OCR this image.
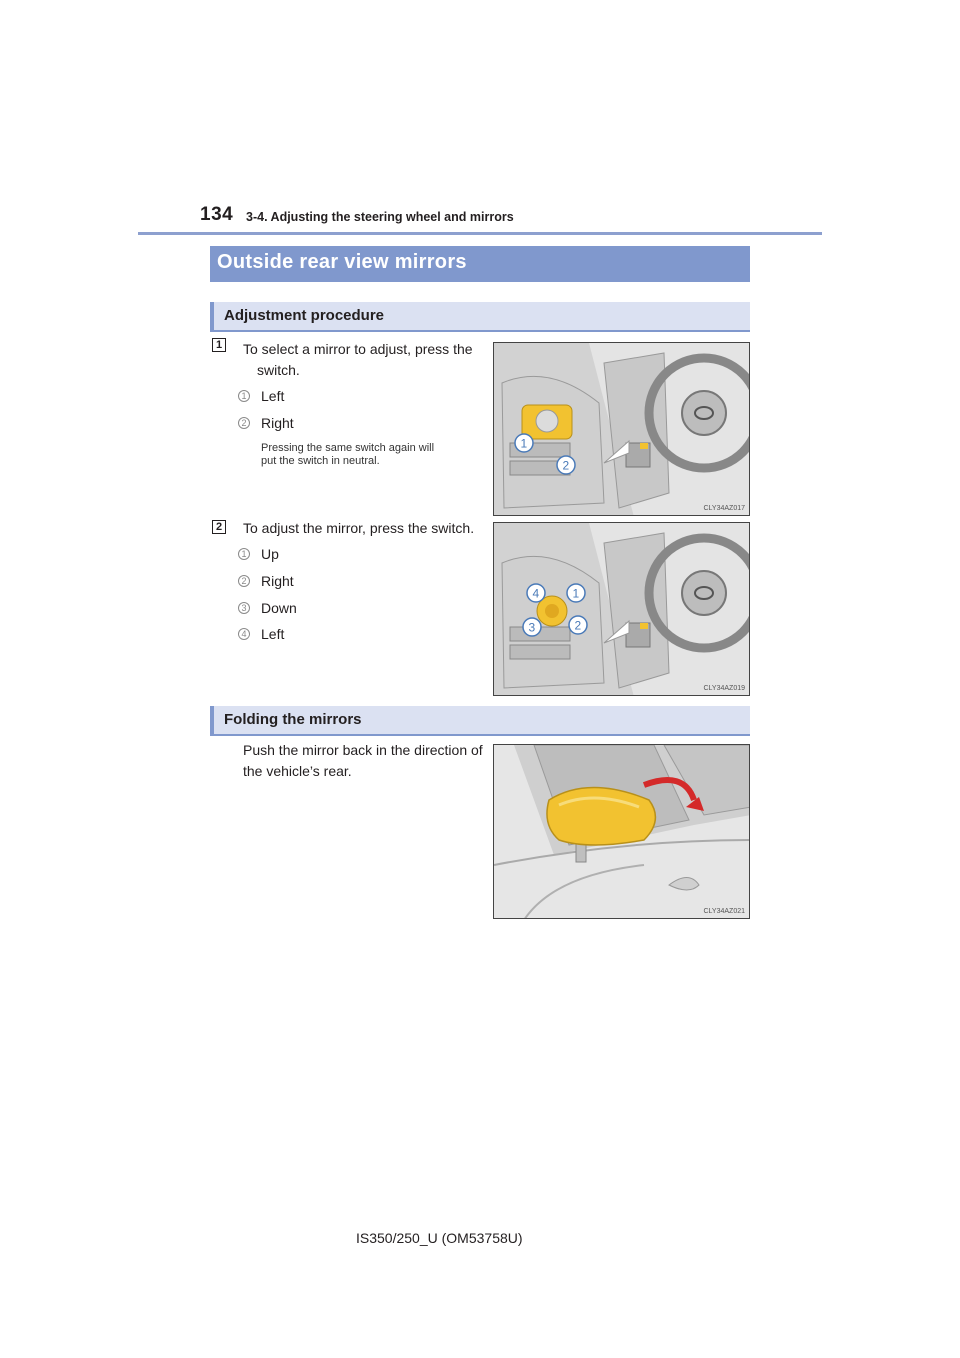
134 3-4. Adjusting the steering wheel and mirrors
Outside rear view mirrors
Adjustment procedure
1 To select a mirror to adjust, press the
switch.
1 Left
2 Right
Pressing the same switch again will
put the switch in neutral.
1
2
CLY34AZ017
2 To adjust the mirror, press the switch.
1 Up
2 Right
3 Down
4 Left
4	1
3	2
CLY34AZ019
Folding the mirrors
Push the mirror back in the direction of
the vehicle’s rear.
CLY34AZ021
IS350/250_U (OM53758U)
